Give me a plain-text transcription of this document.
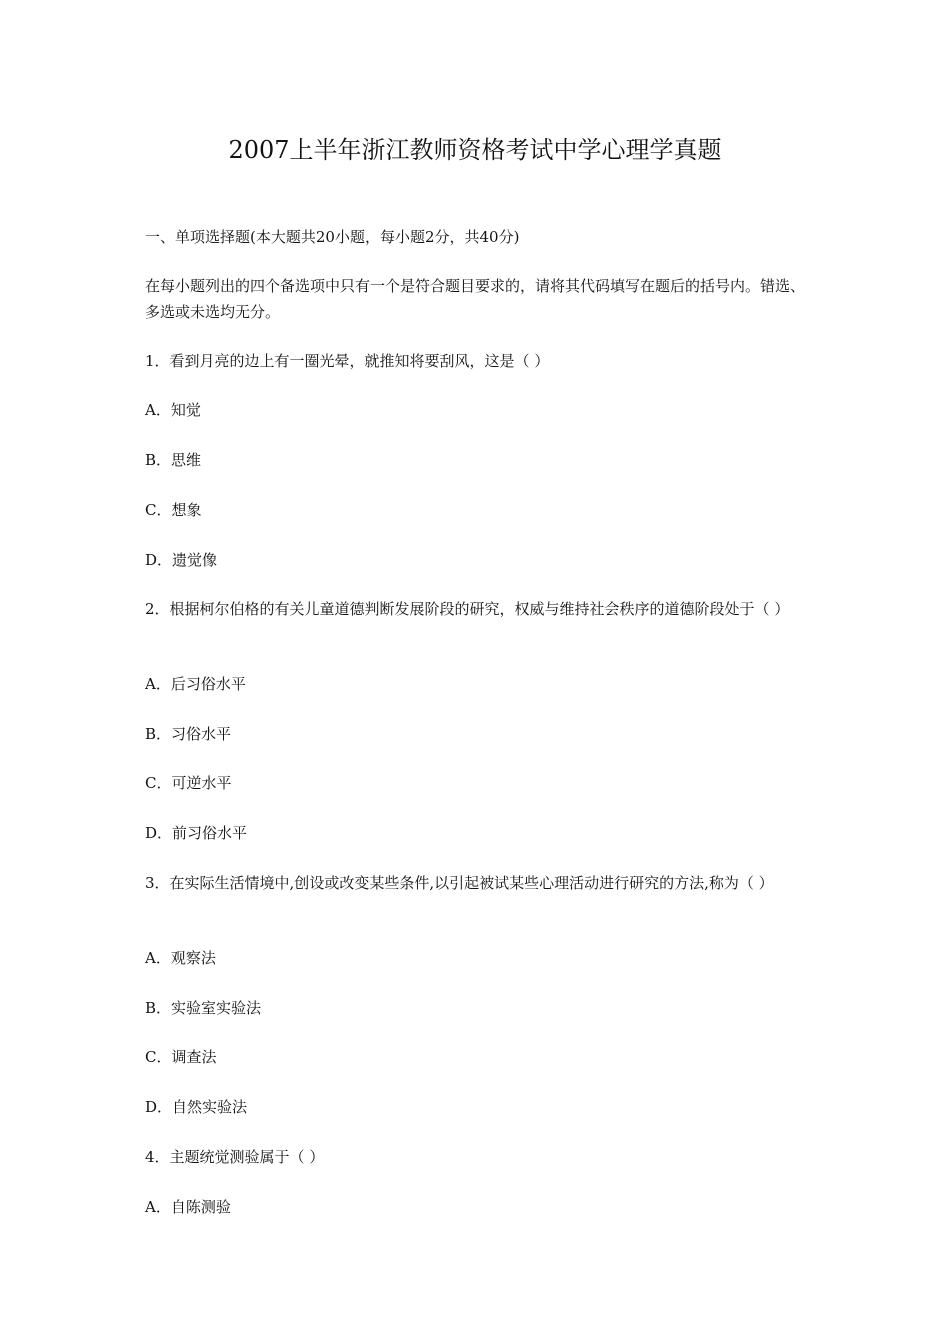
2007上半年浙江教师资格考试中学心理学真题

一、单项选择题(本大题共20小题，每小题2分，共40分)

在每小题列出的四个备选项中只有一个是符合题目要求的，请将其代码填写在题后的括号内。错选、多选或未选均无分。

1．看到月亮的边上有一圈光晕，就推知将要刮风，这是（ ）

A．知觉

B．思维

C．想象

D．遗觉像

2．根据柯尔伯格的有关儿童道德判断发展阶段的研究，权威与维持社会秩序的道德阶段处于（ ）

A．后习俗水平

B．习俗水平

C．可逆水平

D．前习俗水平

3．在实际生活情境中,创设或改变某些条件,以引起被试某些心理活动进行研究的方法,称为（ ）

A．观察法

B．实验室实验法

C．调查法

D．自然实验法

4．主题统觉测验属于（ ）

A．自陈测验
